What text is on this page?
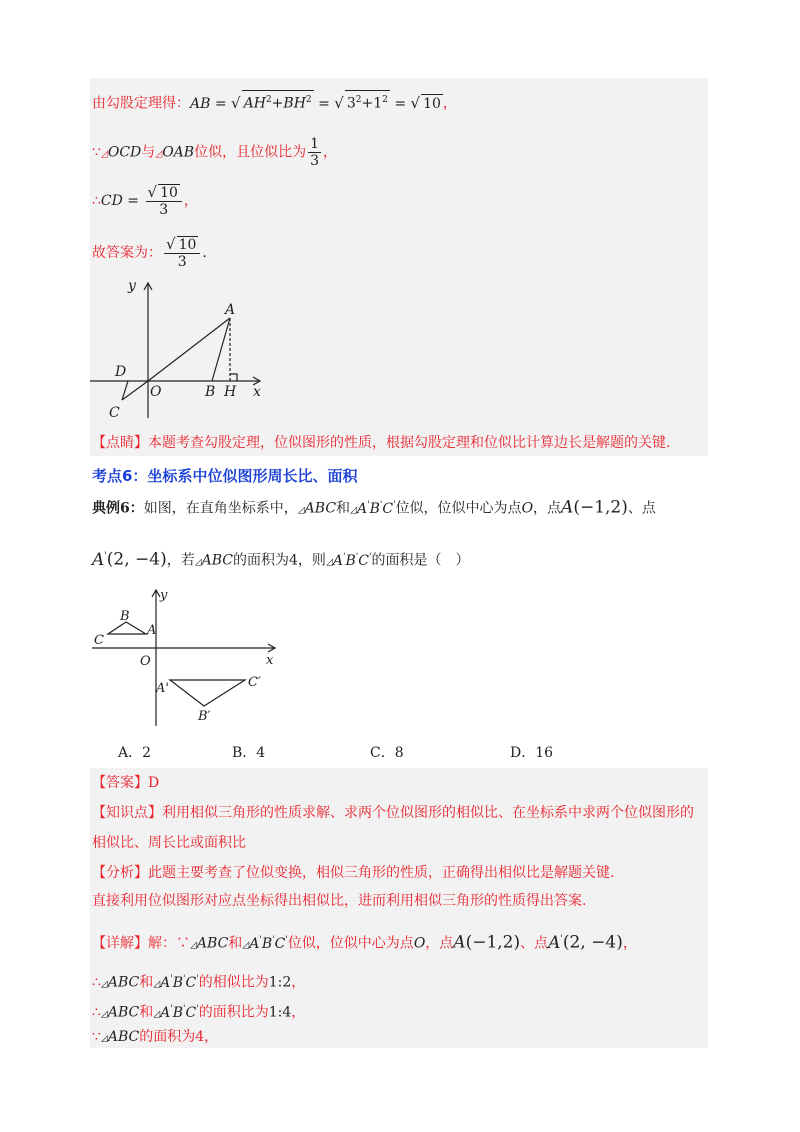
由勾股定理得：AB = √ $AH^2+BH^2$ = √ $3^2+1^2$ = √ 10 ，
∵◿OCD与◿OAB位似，且位似比为 $\frac{1}{3}$ ，
∴CD = $\frac{√ 10}{3}$ ，
故答案为： $\frac{√ 10}{3}$ .
y
x
A
B H
O
D
C
【点睛】本题考查勾股定理，位似图形的性质，根据勾股定理和位似比计算边长是解题的关键.
考点6：坐标系中位似图形周长比、面积
典例6：如图，在直角坐标系中，◿ABC和◿A'B'C'位似，位似中心为点O，点A(−1,2)、点
A'(2, −4)，若◿ABC的面积为4，则◿A'B'C'的面积是（　）
y
x
O
B
C
A
A'	C′
B′
A．2	B．4	C．8	D．16
【答案】D
【知识点】利用相似三角形的性质求解、求两个位似图形的相似比、在坐标系中求两个位似图形的
相似比、周长比或面积比
【分析】此题主要考查了位似变换，相似三角形的性质，正确得出相似比是解题关键.
直接利用位似图形对应点坐标得出相似比，进而利用相似三角形的性质得出答案.
【详解】解：∵◿ABC和◿A'B'C'位似，位似中心为点O，点A(−1,2)、点A'(2, −4)，
∴◿ABC和◿A'B'C'的相似比为1:2，
∴◿ABC和◿A'B'C'的面积比为1:4，
∵◿ABC的面积为4，
